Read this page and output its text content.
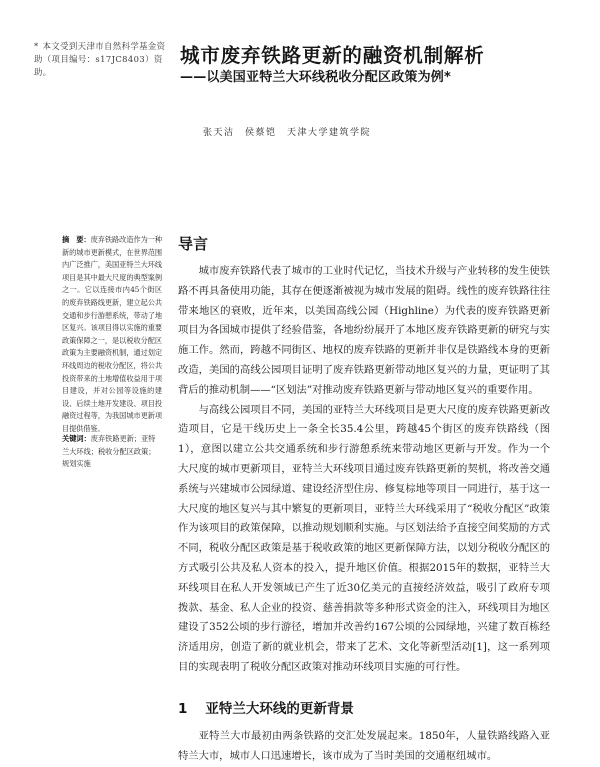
* 本文受到天津市自然科学基金资助（项目编号：s17JC8403）资助。
城市废弃铁路更新的融资机制解析
——以美国亚特兰大环线税收分配区政策为例*
张天洁　侯蔡铠　天津大学建筑学院
摘　要：废弃铁路改造作为一种新的城市更新模式，在世界范围内广泛推广，美国亚特兰大环线项目是其中最大尺度的典型案例之一。它以连接市内45个街区的废弃铁路线更新，建立起公共交通和步行游憩系统，带动了地区复兴。该项目得以实施的重要政策保障之一，是以税收分配区政策为主要融资机制，通过划定环线周边的税收分配区，将公共投资带来的土地增值收益用于项目建设，并对公园等设施的建设、后续土地开发建设、项目投融资过程等，为我国城市更新项目提供借鉴。
关键词：废弃铁路更新；亚特兰大环线；税收分配区政策；规划实施
导言

城市废弃铁路代表了城市的工业时代记忆，当技术升级与产业转移的发生使铁路不再具备使用功能，其存在便逐渐被视为城市发展的阻碍。线性的废弃铁路往往带来地区的衰败，近年来，以美国高线公园（Highline）为代表的废弃铁路更新项目为各国城市提供了经验借鉴，各地纷纷展开了本地区废弃铁路更新的研究与实施工作。然而，跨越不同街区、地权的废弃铁路的更新并非仅是铁路线本身的更新改造，美国的高线公园项目证明了废弃铁路更新带动地区复兴的力量，更证明了其背后的推动机制——“区划法”对推动废弃铁路更新与带动地区复兴的重要作用。

与高线公园项目不同，美国的亚特兰大环线项目是更大尺度的废弃铁路更新改造项目，它是干线历史上一条全长35.4公里，跨越45个街区的废弃铁路线（图1），意图以建立公共交通系统和步行游憩系统来带动地区更新与开发。作为一个大尺度的城市更新项目，亚特兰大环线项目通过废弃铁路更新的契机，将改善交通系统与兴建城市公园绿道、建设经济型住房、修复棕地等项目一同进行，基于这一大尺度的地区复兴与其中繁复的更新项目，亚特兰大环线采用了“税收分配区”政策作为该项目的政策保障，以推动规划顺利实施。与区划法给予直接空间奖励的方式不同，税收分配区政策是基于税收政策的地区更新保障方法，以划分税收分配区的方式吸引公共及私人资本的投入，提升地区价值。根据2015年的数据，亚特兰大环线项目在私人开发领域已产生了近30亿美元的直接经济效益，吸引了政府专项拨款、基金、私人企业的投资、慈善捐款等多种形式资金的注入，环线项目为地区建设了352公顷的步行游径，增加并改善约167公顷的公园绿地，兴建了数百栋经济适用房，创造了新的就业机会，带来了艺术、文化等新型活动[1]，这一系列项目的实现表明了税收分配区政策对推动环线项目实施的可行性。

1 亚特兰大环线的更新背景

亚特兰大市最初由两条铁路的交汇处发展起来。1850年，人量铁路线路入亚特兰大市，城市人口迅速增长，该市成为了当时美国的交通枢纽城市。
